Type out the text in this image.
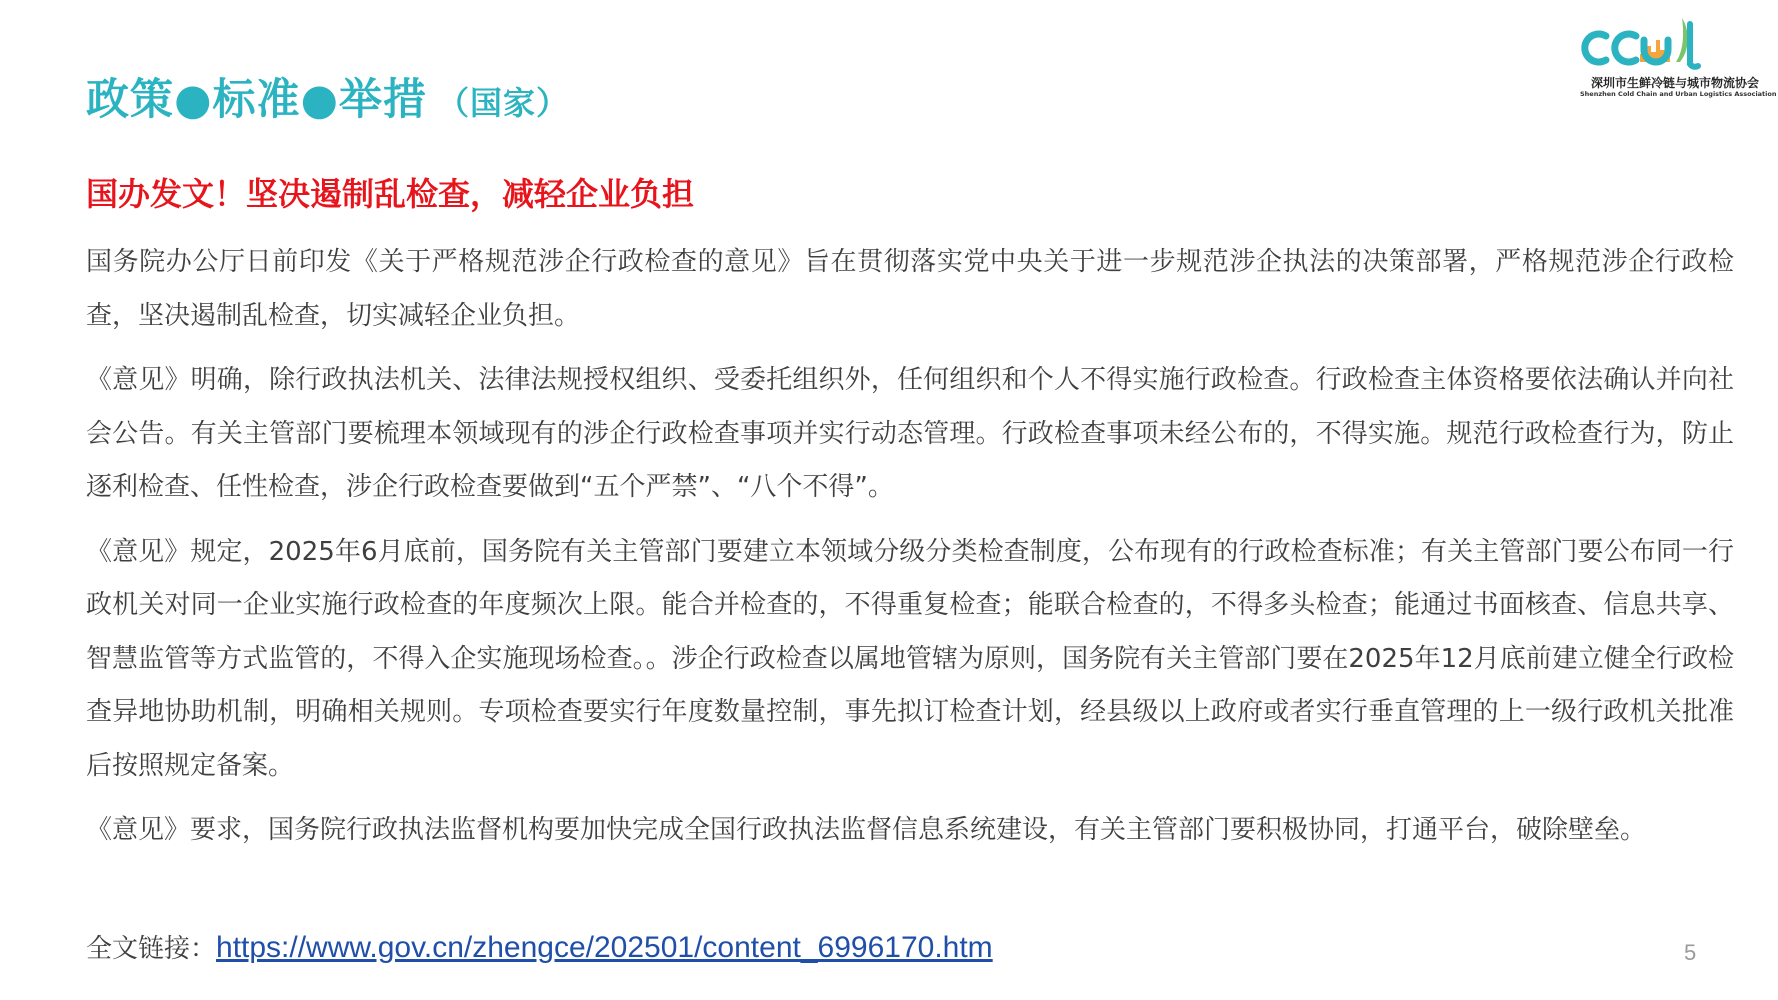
政策●标准●举措 （国家）
深圳市生鲜冷链与城市物流协会
Shenzhen Cold Chain and Urban Logistics Association
国办发文！坚决遏制乱检查，减轻企业负担

国务院办公厅日前印发《关于严格规范涉企行政检查的意见》旨在贯彻落实党中央关于进一步规范涉企执法的决策部署，严格规范涉企行政检查，坚决遏制乱检查，切实减轻企业负担。

《意见》明确，除行政执法机关、法律法规授权组织、受委托组织外，任何组织和个人不得实施行政检查。行政检查主体资格要依法确认并向社会公告。有关主管部门要梳理本领域现有的涉企行政检查事项并实行动态管理。行政检查事项未经公布的，不得实施。规范行政检查行为，防止逐利检查、任性检查，涉企行政检查要做到“五个严禁”、“八个不得”。

《意见》规定，2025年6月底前，国务院有关主管部门要建立本领域分级分类检查制度，公布现有的行政检查标准；有关主管部门要公布同一行政机关对同一企业实施行政检查的年度频次上限。能合并检查的，不得重复检查；能联合检查的，不得多头检查；能通过书面核查、信息共享、智慧监管等方式监管的，不得入企实施现场检查。。涉企行政检查以属地管辖为原则，国务院有关主管部门要在2025年12月底前建立健全行政检查异地协助机制，明确相关规则。专项检查要实行年度数量控制，事先拟订检查计划，经县级以上政府或者实行垂直管理的上一级行政机关批准后按照规定备案。

《意见》要求，国务院行政执法监督机构要加快完成全国行政执法监督信息系统建设，有关主管部门要积极协同，打通平台，破除壁垒。

全文链接：https://www.gov.cn/zhengce/202501/content_6996170.htm	5
